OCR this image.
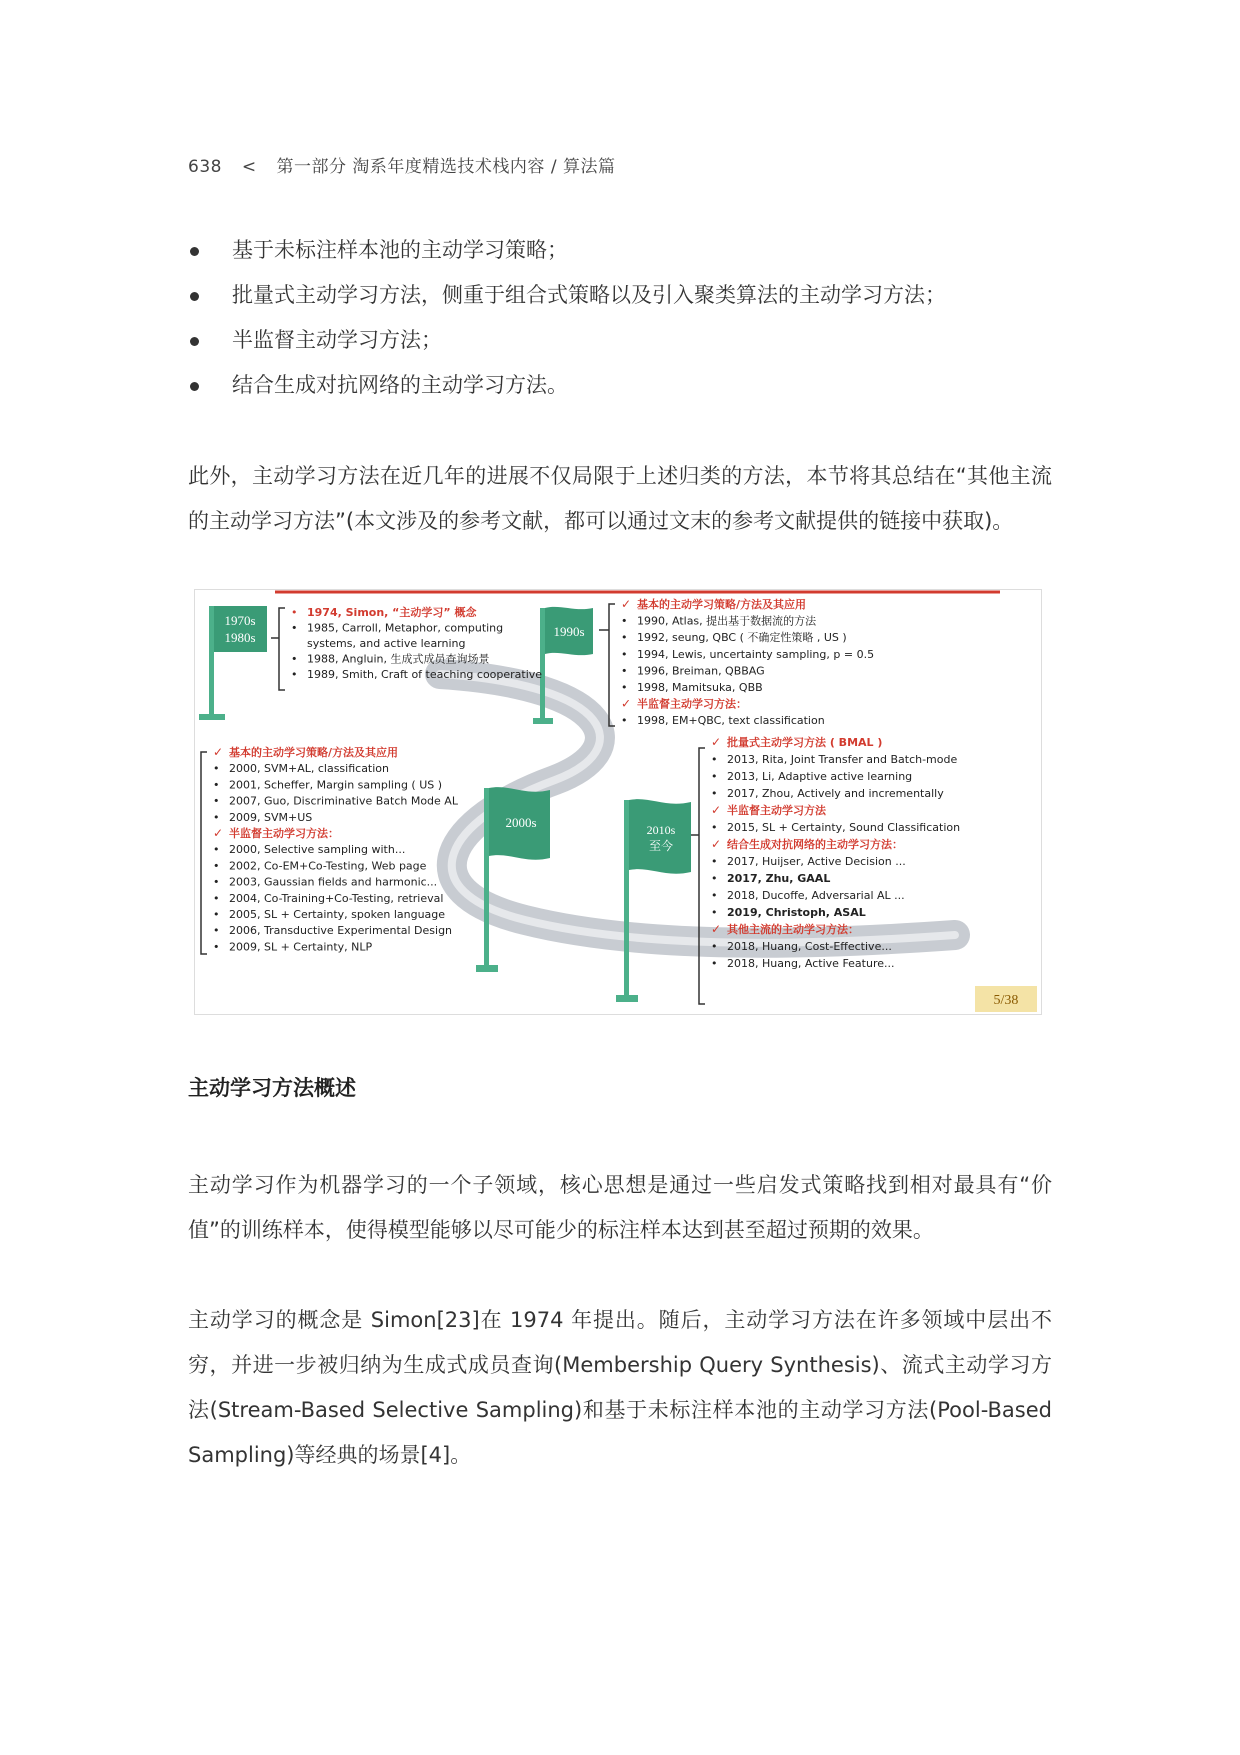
638 < 第一部分 淘系年度精选技术栈内容 / 算法篇
基于未标注样本池的主动学习策略；
批量式主动学习方法，侧重于组合式策略以及引入聚类算法的主动学习方法；
半监督主动学习方法；
结合生成对抗网络的主动学习方法。

此外，主动学习方法在近几年的进展不仅局限于上述归类的方法，本节将其总结在“其他主流的主动学习方法”(本文涉及的参考文献，都可以通过文末的参考文献提供的链接中获取)。

1970s
1980s	1990s
2000s	2010s
至今
• 1974, Simon, “主动学习” 概念
• 1985, Carroll, Metaphor, computing
systems, and active learning
• 1988, Angluin, 生成式成员查询场景
• 1989, Smith, Craft of teaching cooperative
✓ 基本的主动学习策略/方法及其应用
• 1990, Atlas, 提出基于数据流的方法
• 1992, seung, QBC ( 不确定性策略 , US )
• 1994, Lewis, uncertainty sampling, p = 0.5
• 1996, Breiman, QBBAG
• 1998, Mamitsuka, QBB
✓ 半监督主动学习方法：
• 1998, EM+QBC, text classification
✓ 基本的主动学习策略/方法及其应用
• 2000, SVM+AL, classification
• 2001, Scheffer, Margin sampling ( US )
• 2007, Guo, Discriminative Batch Mode AL
• 2009, SVM+US
✓ 半监督主动学习方法：
• 2000, Selective sampling with...
• 2002, Co-EM+Co-Testing, Web page
• 2003, Gaussian fields and harmonic...
• 2004, Co-Training+Co-Testing, retrieval
• 2005, SL + Certainty, spoken language
• 2006, Transductive Experimental Design
• 2009, SL + Certainty, NLP
✓ 批量式主动学习方法 ( BMAL )
• 2013, Rita, Joint Transfer and Batch-mode
• 2013, Li, Adaptive active learning
• 2017, Zhou, Actively and incrementally
✓ 半监督主动学习方法
• 2015, SL + Certainty, Sound Classification
✓ 结合生成对抗网络的主动学习方法：
• 2017, Huijser, Active Decision ...
• 2017, Zhu, GAAL
• 2018, Ducoffe, Adversarial AL ...
• 2019, Christoph, ASAL
✓ 其他主流的主动学习方法：
• 2018, Huang, Cost-Effective...
• 2018, Huang, Active Feature...
5/38
主动学习方法概述

主动学习作为机器学习的一个子领域，核心思想是通过一些启发式策略找到相对最具有“价值”的训练样本，使得模型能够以尽可能少的标注样本达到甚至超过预期的效果。

主动学习的概念是 Simon[23]在 1974 年提出。随后，主动学习方法在许多领域中层出不穷，并进一步被归纳为生成式成员查询(Membership Query Synthesis)、流式主动学习方法(Stream-Based Selective Sampling)和基于未标注样本池的主动学习方法(Pool-Based Sampling)等经典的场景[4]。
